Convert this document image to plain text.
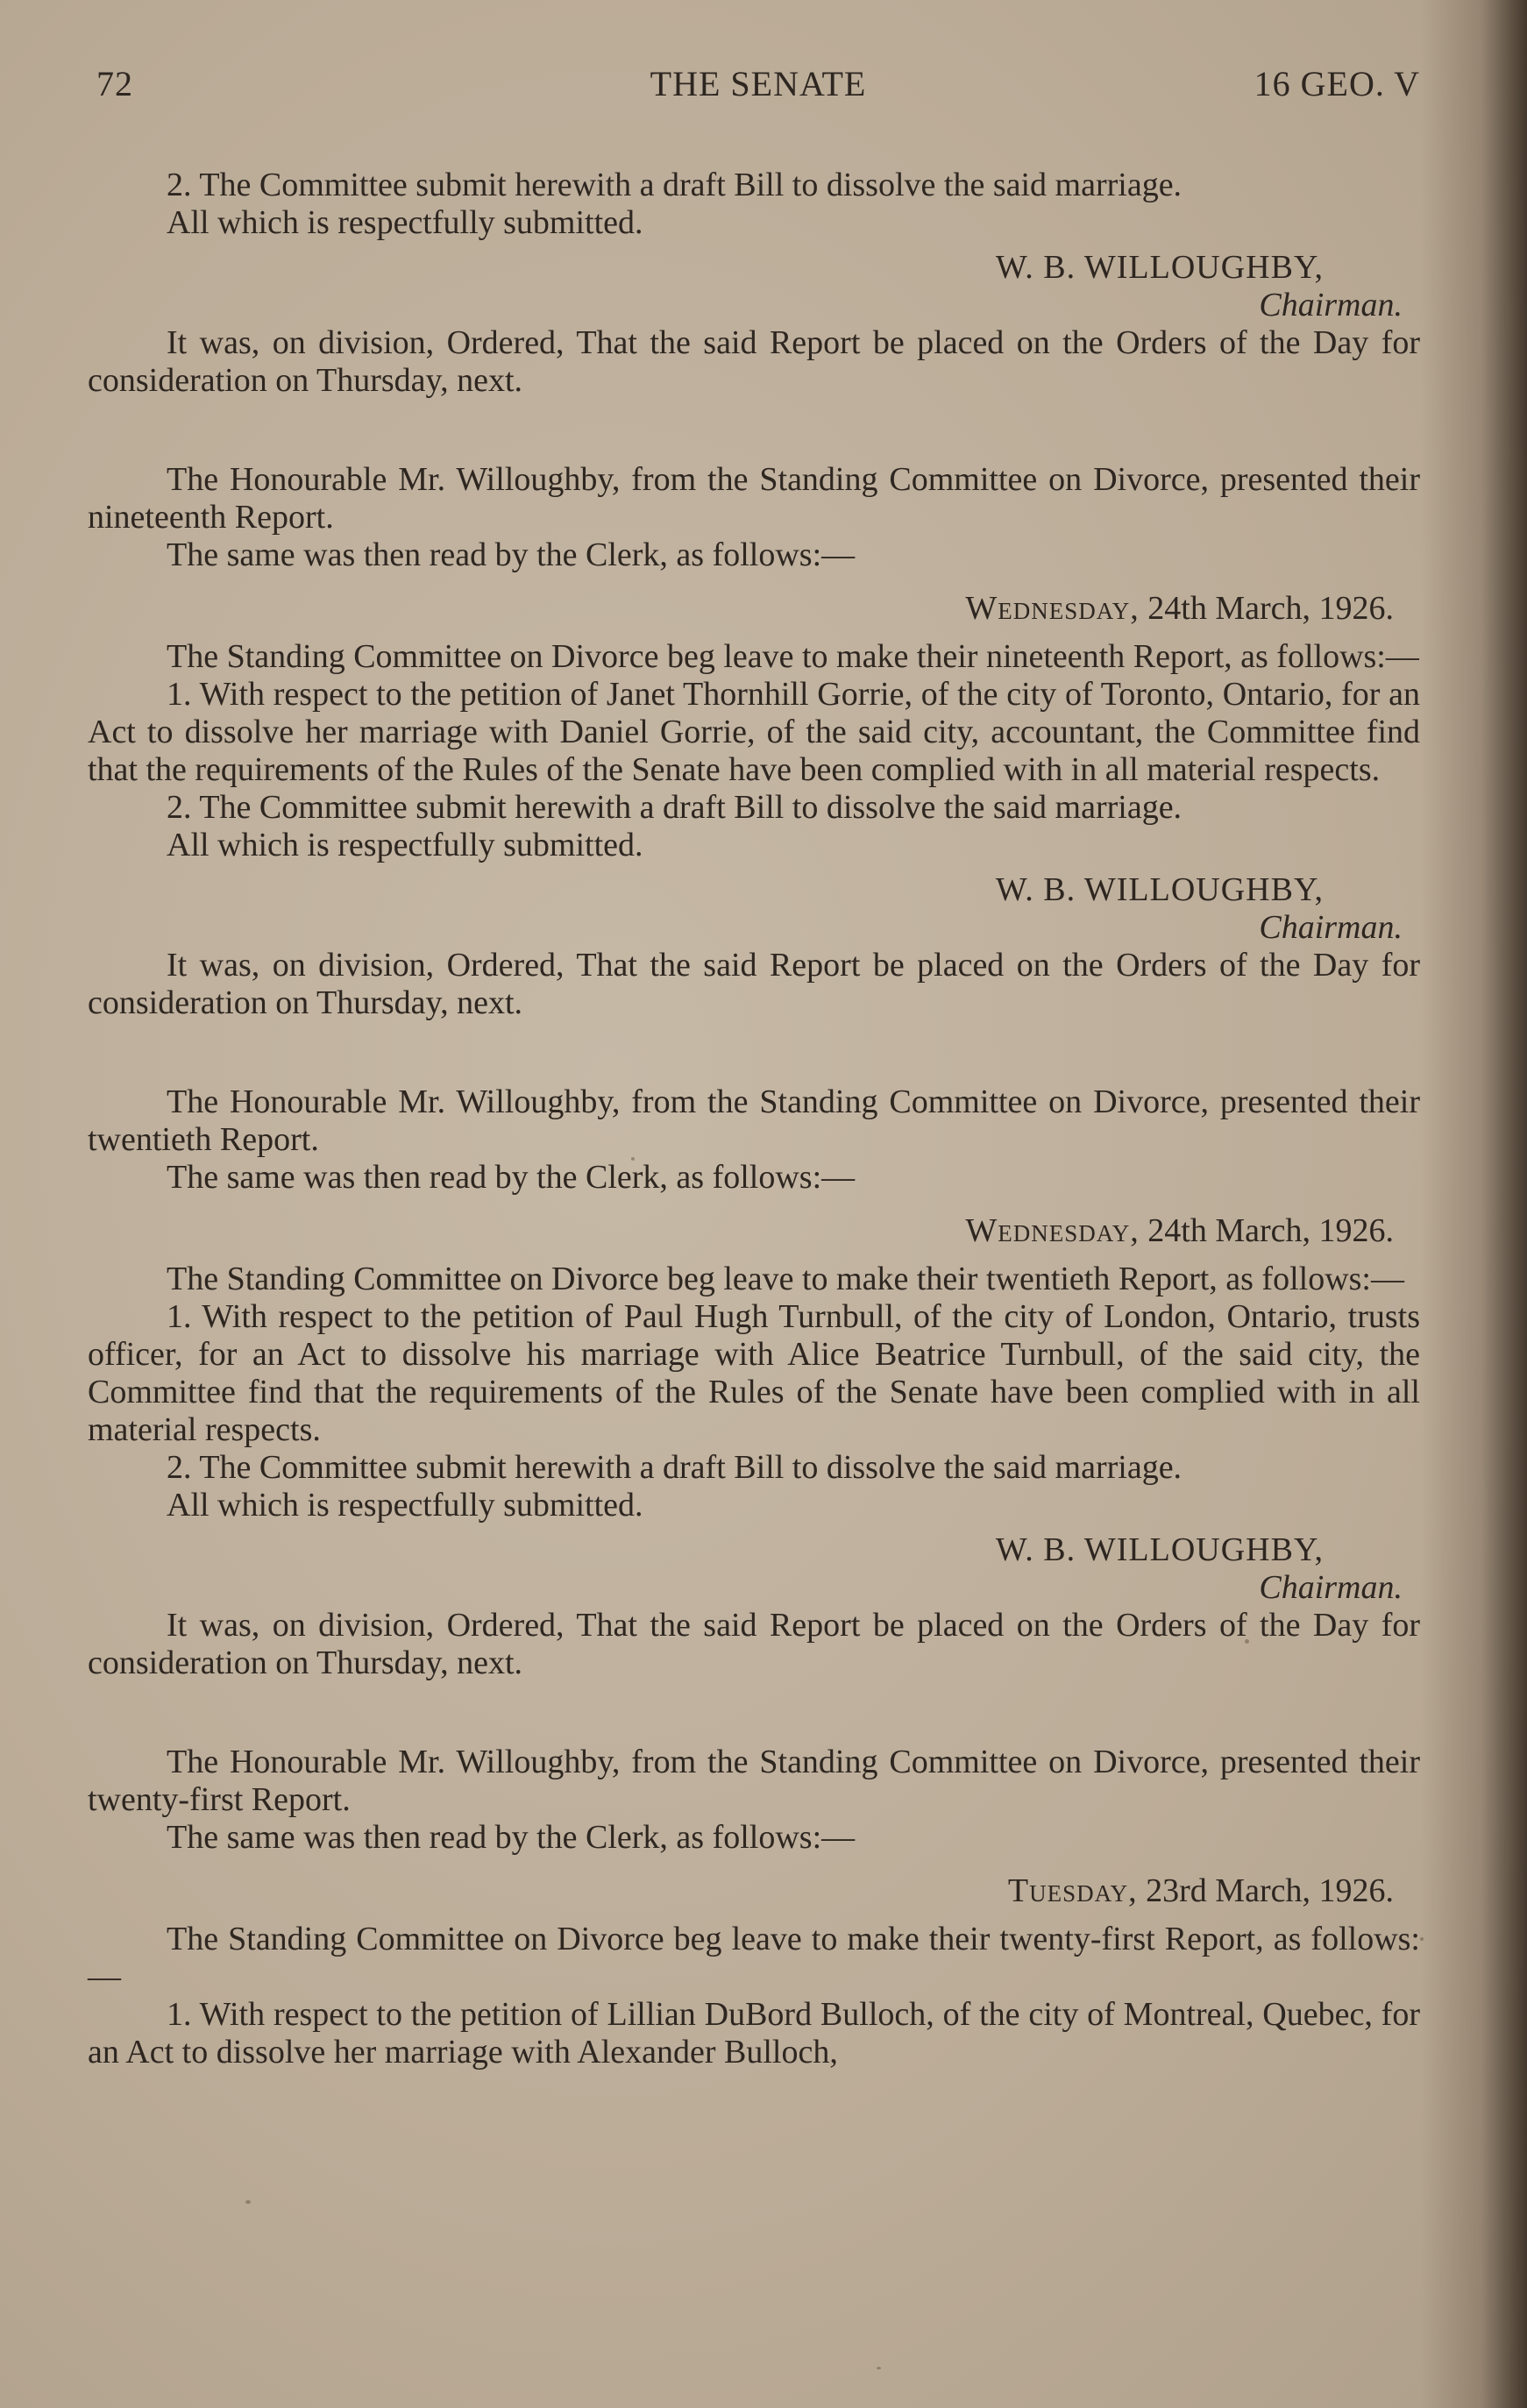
72	THE SENATE	16 GEO. V

2. The Committee submit herewith a draft Bill to dissolve the said marriage.

All which is respectfully submitted.

W. B. WILLOUGHBY,

Chairman.

It was, on division, Ordered, That the said Report be placed on the Orders of the Day for consideration on Thursday, next.

The Honourable Mr. Willoughby, from the Standing Committee on Divorce, presented their nineteenth Report.

The same was then read by the Clerk, as follows:—

Wednesday, 24th March, 1926.

The Standing Committee on Divorce beg leave to make their nineteenth Report, as follows:—

1. With respect to the petition of Janet Thornhill Gorrie, of the city of Toronto, Ontario, for an Act to dissolve her marriage with Daniel Gorrie, of the said city, accountant, the Committee find that the requirements of the Rules of the Senate have been complied with in all material respects.

2. The Committee submit herewith a draft Bill to dissolve the said marriage.

All which is respectfully submitted.

W. B. WILLOUGHBY,

Chairman.

It was, on division, Ordered, That the said Report be placed on the Orders of the Day for consideration on Thursday, next.

The Honourable Mr. Willoughby, from the Standing Committee on Divorce, presented their twentieth Report.

The same was then read by the Clerk, as follows:—

Wednesday, 24th March, 1926.

The Standing Committee on Divorce beg leave to make their twentieth Report, as follows:—

1. With respect to the petition of Paul Hugh Turnbull, of the city of London, Ontario, trusts officer, for an Act to dissolve his marriage with Alice Beatrice Turnbull, of the said city, the Committee find that the requirements of the Rules of the Senate have been complied with in all material respects.

2. The Committee submit herewith a draft Bill to dissolve the said marriage.

All which is respectfully submitted.

W. B. WILLOUGHBY,

Chairman.

It was, on division, Ordered, That the said Report be placed on the Orders of the Day for consideration on Thursday, next.

The Honourable Mr. Willoughby, from the Standing Committee on Divorce, presented their twenty-first Report.

The same was then read by the Clerk, as follows:—

Tuesday, 23rd March, 1926.

The Standing Committee on Divorce beg leave to make their twenty-first Report, as follows:—

1. With respect to the petition of Lillian DuBord Bulloch, of the city of Montreal, Quebec, for an Act to dissolve her marriage with Alexander Bulloch,
